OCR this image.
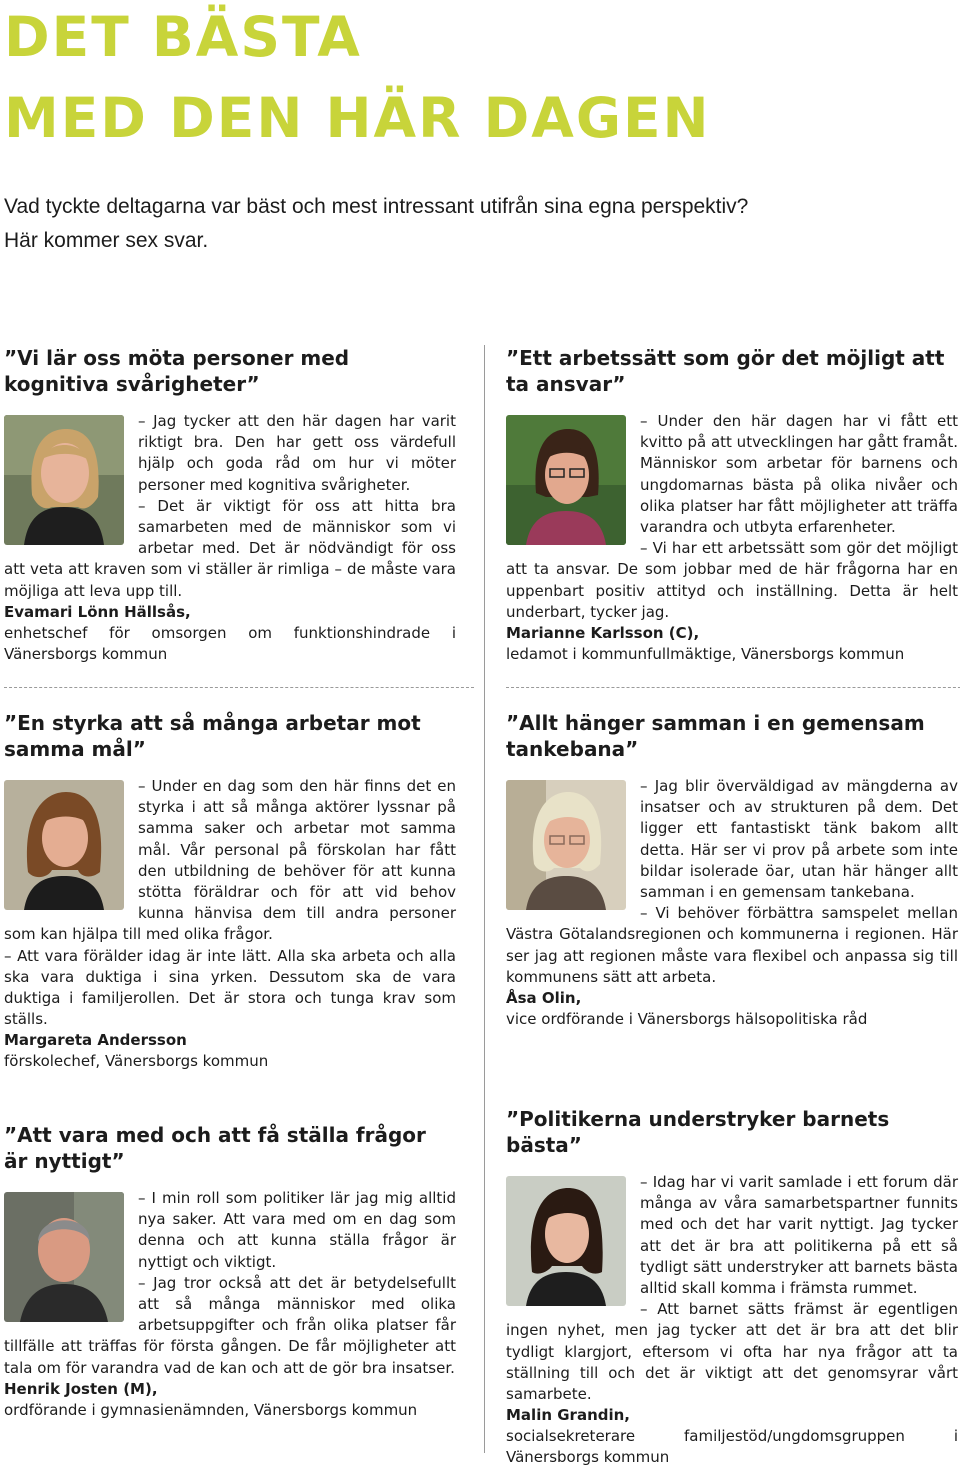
DET BÄSTA
MED DEN HÄR DAGEN
Vad tyckte deltagarna var bäst och mest intressant utifrån sina egna perspektiv?
Här kommer sex svar.
”Vi lär oss möta personer med kognitiva svårigheter”

– Jag tycker att den här dagen har varit riktigt bra. Den har gett oss värdefull hjälp och goda råd om hur vi möter personer med kognitiva svårigheter.

– Det är viktigt för oss att hitta bra samarbeten med de människor som vi arbetar med. Det är nödvändigt för oss att veta att kraven som vi ställer är rimliga – de måste vara möjliga att leva upp till.

Evamari Lönn Hällsås,

enhetschef för omsorgen om funktionshindrade i Vänersborgs kommun

”Ett arbetssätt som gör det möjligt att ta ansvar”

– Under den här dagen har vi fått ett kvitto på att utvecklingen har gått framåt. Människor som arbetar för barnens och ungdomarnas bästa på olika nivåer och olika platser har fått möjligheter att träffa varandra och utbyta erfarenheter.

– Vi har ett arbetssätt som gör det möjligt att ta ansvar. De som jobbar med de här frågorna har en uppenbart positiv attityd och inställning. Detta är helt underbart, tycker jag.

Marianne Karlsson (C),

ledamot i kommunfullmäktige, Vänersborgs kommun

”En styrka att så många arbetar mot samma mål”

– Under en dag som den här finns det en styrka i att så många aktörer lyssnar på samma saker och arbetar mot samma mål. Vår personal på förskolan har fått den utbildning de behöver för att kunna stötta föräldrar och för att vid behov kunna hänvisa dem till andra personer som kan hjälpa till med olika frågor.

– Att vara förälder idag är inte lätt. Alla ska arbeta och alla ska vara duktiga i sina yrken. Dessutom ska de vara duktiga i familjerollen. Det är stora och tunga krav som ställs.

Margareta Andersson

förskolechef, Vänersborgs kommun

”Allt hänger samman i en gemensam tankebana”

– Jag blir överväldigad av mängderna av insatser och av strukturen på dem. Det ligger ett fantastiskt tänk bakom allt detta. Här ser vi prov på arbete som inte bildar isolerade öar, utan här hänger allt samman i en gemensam tankebana.

– Vi behöver förbättra samspelet mellan Västra Götalandsregionen och kommunerna i regionen. Här ser jag att regionen måste vara flexibel och anpassa sig till kommunens sätt att arbeta.

Åsa Olin,

vice ordförande i Vänersborgs hälsopolitiska råd

”Att vara med och att få ställa frågor är nyttigt”

– I min roll som politiker lär jag mig alltid nya saker. Att vara med om en dag som denna och att kunna ställa frågor är nyttigt och viktigt.

– Jag tror också att det är betydelsefullt att så många människor med olika arbetsuppgifter och från olika platser får tillfälle att träffas för första gången. De får möjligheter att tala om för varandra vad de kan och att de gör bra insatser.

Henrik Josten (M),

ordförande i gymnasienämnden, Vänersborgs kommun

”Politikerna understryker barnets bästa”

– Idag har vi varit samlade i ett forum där många av våra samarbetspartner funnits med och det har varit nyttigt. Jag tycker att det är bra att politikerna på ett så tydligt sätt understryker att barnets bästa alltid skall komma i främsta rummet.

– Att barnet sätts främst är egentligen ingen nyhet, men jag tycker att det är bra att det blir tydligt klargjort, eftersom vi ofta har nya frågor att ta ställning till och det är viktigt att det genomsyrar vårt samarbete.

Malin Grandin,

socialsekreterare familjestöd/ungdomsgruppen i Vänersborgs kommun
